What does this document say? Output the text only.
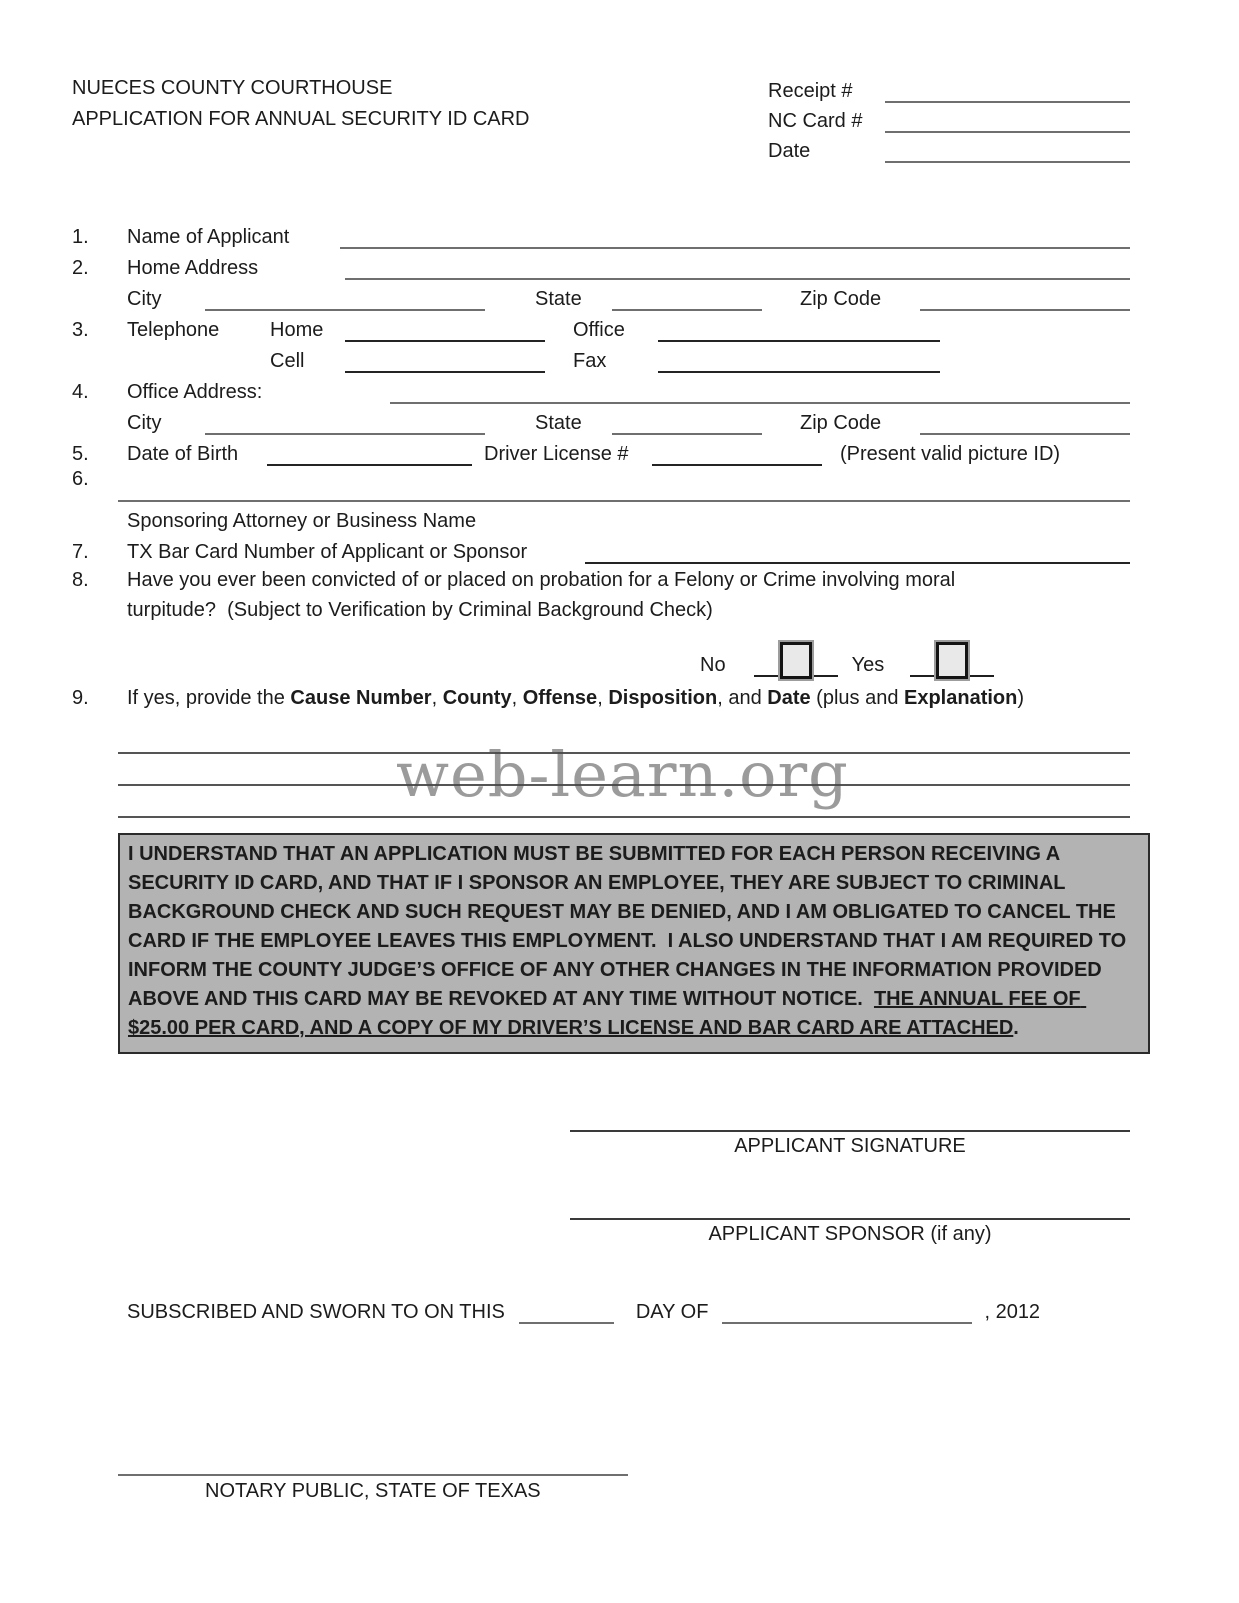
web-learn.org
NUECES COUNTY COURTHOUSE
APPLICATION FOR ANNUAL SECURITY ID CARD
Receipt #
NC Card #
Date
1.	Name of Applicant
2.	Home Address
City	State	Zip Code
3.	Telephone	Home	Office
Cell	Fax
4.	Office Address:
City	State	Zip Code
5.	Date of Birth	Driver License #	(Present valid picture ID)
6.
Sponsoring Attorney or Business Name
7.	TX Bar Card Number of Applicant or Sponsor
8.	Have you ever been convicted of or placed on probation for a Felony or Crime involving moral
turpitude?  (Subject to Verification by Criminal Background Check)
No	Yes
9.	If yes, provide the Cause Number, County, Offense, Disposition, and Date (plus and Explanation)
I UNDERSTAND THAT AN APPLICATION MUST BE SUBMITTED FOR EACH PERSON RECEIVING A SECURITY ID CARD, AND THAT IF I SPONSOR AN EMPLOYEE, THEY ARE SUBJECT TO CRIMINAL BACKGROUND CHECK AND SUCH REQUEST MAY BE DENIED, AND I AM OBLIGATED TO CANCEL THE CARD IF THE EMPLOYEE LEAVES THIS EMPLOYMENT.  I ALSO UNDERSTAND THAT I AM REQUIRED TO INFORM THE COUNTY JUDGE’S OFFICE OF ANY OTHER CHANGES IN THE INFORMATION PROVIDED ABOVE AND THIS CARD MAY BE REVOKED AT ANY TIME WITHOUT NOTICE.  THE ANNUAL FEE OF $25.00 PER CARD, AND A COPY OF MY DRIVER’S LICENSE AND BAR CARD ARE ATTACHED.
APPLICANT SIGNATURE
APPLICANT SPONSOR (if any)
SUBSCRIBED AND SWORN TO ON THIS	DAY OF	, 2012
NOTARY PUBLIC, STATE OF TEXAS
